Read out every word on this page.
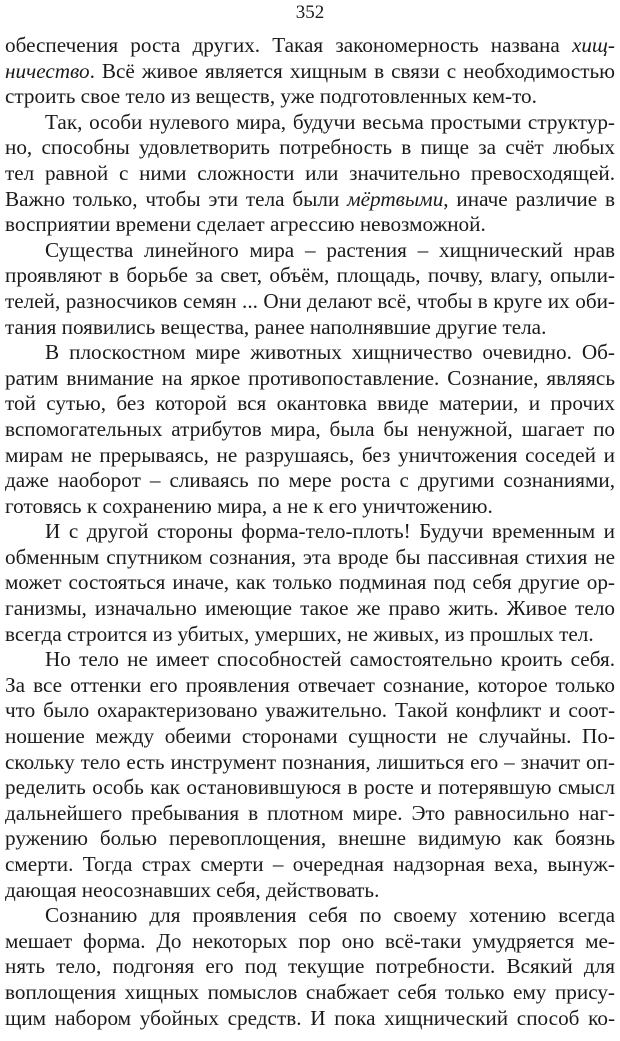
352
обеспечения роста других. Такая закономерность названа хищ-
ничество. Всё живое является хищным в связи с необходимостью
строить свое тело из веществ, уже подготовленных кем-то.
Так, особи нулевого мира, будучи весьма простыми структур-
но, способны удовлетворить потребность в пище за счёт любых
тел равной с ними сложности или значительно превосходящей.
Важно только, чтобы эти тела были мёртвыми, иначе различие в
восприятии времени сделает агрессию невозможной.
Существа линейного мира – растения – хищнический нрав
проявляют в борьбе за свет, объём, площадь, почву, влагу, опыли-
телей, разносчиков семян ... Они делают всё, чтобы в круге их оби-
тания появились вещества, ранее наполнявшие другие тела.
В плоскостном мире животных хищничество очевидно. Об-
ратим внимание на яркое противопоставление. Сознание, являясь
той сутью, без которой вся окантовка ввиде материи, и прочих
вспомогательных атрибутов мира, была бы ненужной, шагает по
мирам не прерываясь, не разрушаясь, без уничтожения соседей и
даже наоборот – сливаясь по мере роста с другими сознаниями,
готовясь к сохранению мира, а не к его уничтожению.
И с другой стороны форма-тело-плоть! Будучи временным и
обменным спутником сознания, эта вроде бы пассивная стихия не
может состояться иначе, как только подминая под себя другие ор-
ганизмы, изначально имеющие такое же право жить. Живое тело
всегда строится из убитых, умерших, не живых, из прошлых тел.
Но тело не имеет способностей самостоятельно кроить себя.
За все оттенки его проявления отвечает сознание, которое только
что было охарактеризовано уважительно. Такой конфликт и соот-
ношение между обеими сторонами сущности не случайны. По-
скольку тело есть инструмент познания, лишиться его – значит оп-
ределить особь как остановившуюся в росте и потерявшую смысл
дальнейшего пребывания в плотном мире. Это равносильно наг-
ружению болью перевоплощения, внешне видимую как боязнь
смерти. Тогда страх смерти – очередная надзорная веха, вынуж-
дающая неосознавших себя, действовать.
Сознанию для проявления себя по своему хотению всегда
мешает форма. До некоторых пор оно всё-таки умудряется ме-
нять тело, подгоняя его под текущие потребности. Всякий для
воплощения хищных помыслов снабжает себя только ему прису-
щим набором убойных средств. И пока хищнический способ ко-
